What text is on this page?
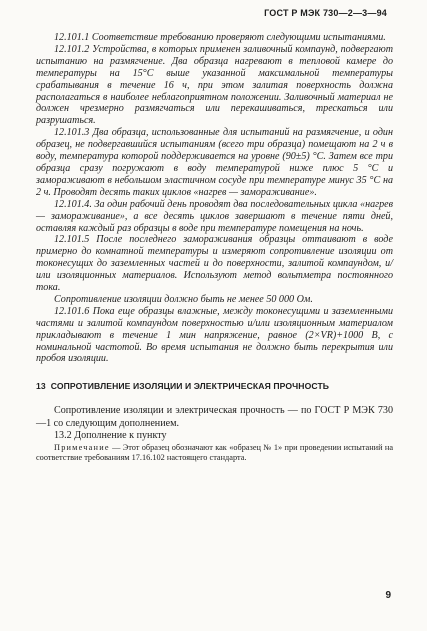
ГОСТ Р МЭК 730—2—3—94

12.101.1 Соответствие требованию проверяют следующими испытаниями.

12.101.2 Устройства, в которых применен заливочный компаунд, подвергают испытанию на размягчение. Два образца нагревают в тепловой камере до температуры на 15°С выше указанной максимальной температуры срабатывания в течение 16 ч, при этом залитая поверхность должна располагаться в наиболее неблагоприятном положении. Заливочный материал не должен чрезмерно размягчаться или перекашиваться, трескаться или разрушаться.

12.101.3 Два образца, использованные для испытаний на размягчение, и один образец, не подвергавшийся испытаниям (всего три образца) помещают на 2 ч в воду, температура которой поддерживается на уровне (90±5) °С. Затем все три образца сразу погружают в воду температурой ниже плюс 5 °С и замораживают в небольшом эластичном сосуде при температуре минус 35 °С на 2 ч. Проводят десять таких циклов «нагрев — замораживание».

12.101.4. За один рабочий день проводят два последовательных цикла «нагрев — замораживание», а все десять циклов завершают в течение пяти дней, оставляя каждый раз образцы в воде при температуре помещения на ночь.

12.101.5 После последнего замораживания образцы оттаивают в воде примерно до комнатной температуры и измеряют сопротивление изоляции от токонесущих до заземленных частей и до поверхности, залитой компаундом, и/или изоляционных материалов. Используют метод вольтметра постоянного тока.

Сопротивление изоляции должно быть не менее 50 000 Ом.

12.101.6 Пока еще образцы влажные, между токонесущими и заземленными частями и залитой компаундом поверхностью и/или изоляционным материалом прикладывают в течение 1 мин напряжение, равное (2×VR)+1000 В, с номинальной частотой. Во время испытания не должно быть перекрытия или пробоя изоляции.

13 СОПРОТИВЛЕНИЕ ИЗОЛЯЦИИ И ЭЛЕКТРИЧЕСКАЯ ПРОЧНОСТЬ

Сопротивление изоляции и электрическая прочность — по ГОСТ Р МЭК 730—1 со следующим дополнением.

13.2 Дополнение к пункту

Примечание — Этот образец обозначают как «образец № 1» при проведении испытаний на соответствие требованиям 17.16.102 настоящего стандарта.

9
